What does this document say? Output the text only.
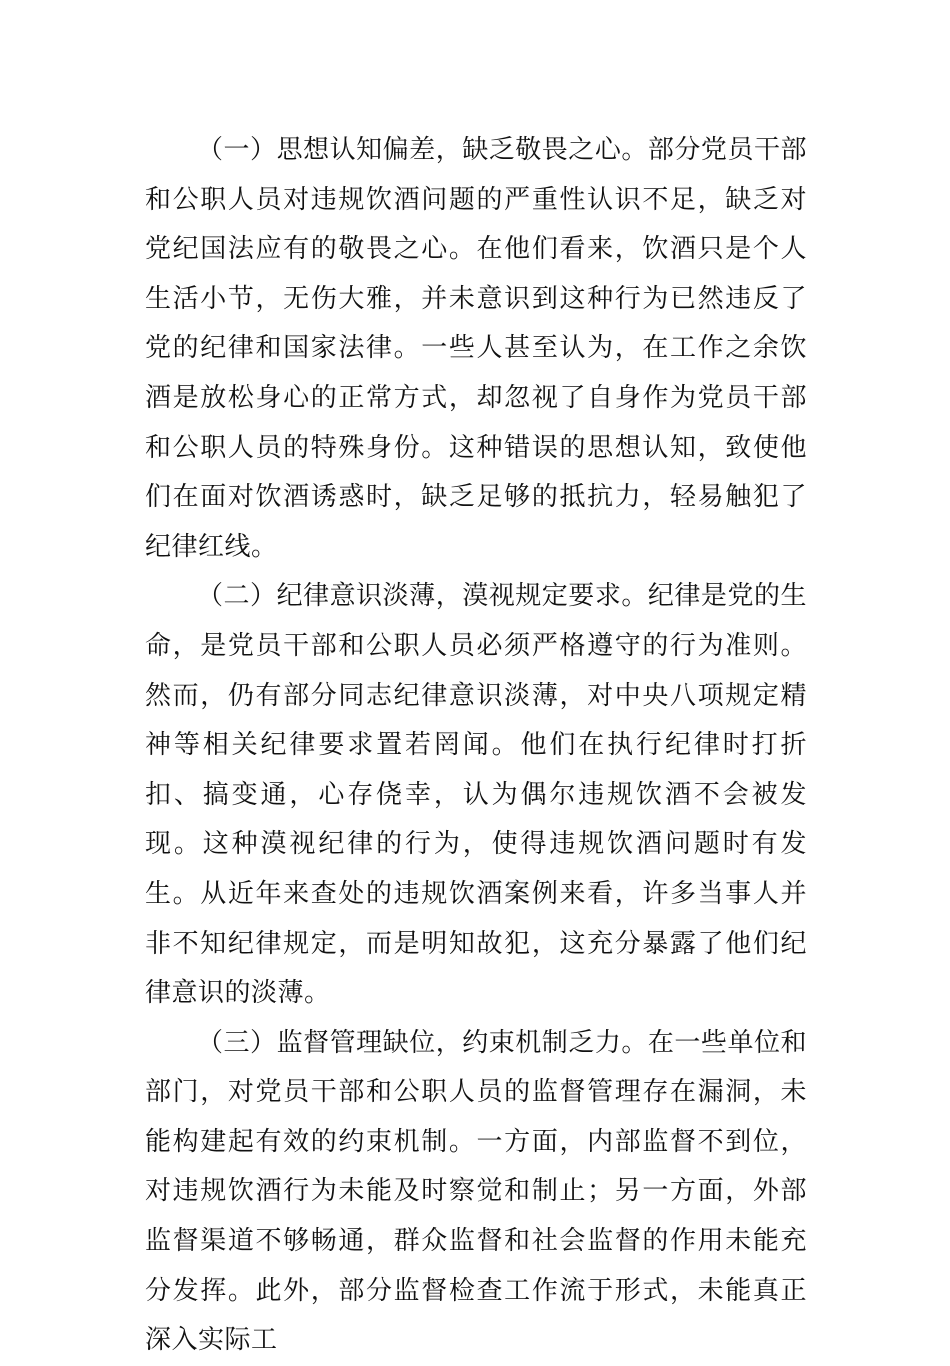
（一）思想认知偏差，缺乏敬畏之心。部分党员干部和公职人员对违规饮酒问题的严重性认识不足，缺乏对党纪国法应有的敬畏之心。在他们看来，饮酒只是个人生活小节，无伤大雅，并未意识到这种行为已然违反了党的纪律和国家法律。一些人甚至认为，在工作之余饮酒是放松身心的正常方式，却忽视了自身作为党员干部和公职人员的特殊身份。这种错误的思想认知，致使他们在面对饮酒诱惑时，缺乏足够的抵抗力，轻易触犯了纪律红线。

（二）纪律意识淡薄，漠视规定要求。纪律是党的生命，是党员干部和公职人员必须严格遵守的行为准则。然而，仍有部分同志纪律意识淡薄，对中央八项规定精神等相关纪律要求置若罔闻。他们在执行纪律时打折扣、搞变通，心存侥幸，认为偶尔违规饮酒不会被发现。这种漠视纪律的行为，使得违规饮酒问题时有发生。从近年来查处的违规饮酒案例来看，许多当事人并非不知纪律规定，而是明知故犯，这充分暴露了他们纪律意识的淡薄。

（三）监督管理缺位，约束机制乏力。在一些单位和部门，对党员干部和公职人员的监督管理存在漏洞，未能构建起有效的约束机制。一方面，内部监督不到位，对违规饮酒行为未能及时察觉和制止；另一方面，外部监督渠道不够畅通，群众监督和社会监督的作用未能充分发挥。此外，部分监督检查工作流于形式，未能真正深入实际工
